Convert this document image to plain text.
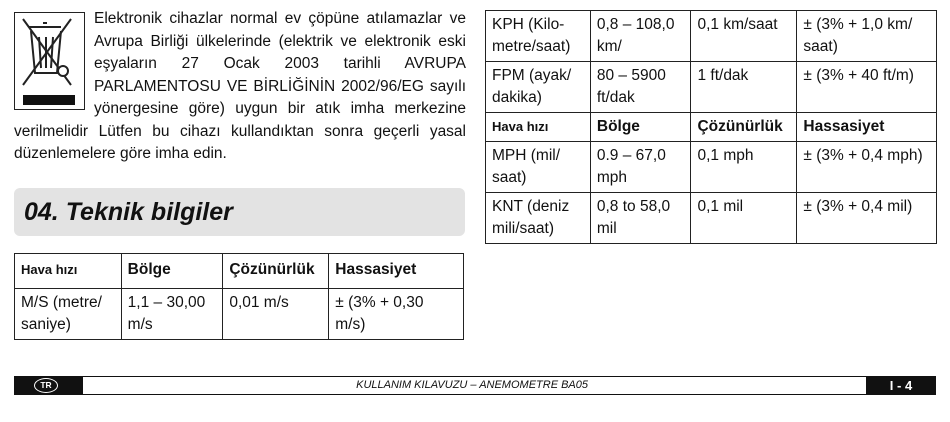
Elektronik cihazlar normal ev çöpüne atılamazlar ve Avrupa Birliği ülkelerinde (elektrik ve elektronik eski eşyaların 27 Ocak 2003 tarihli AVRUPA PARLAMENTOSU VE BİRLİĞİNİN 2002/96/EG sayılı yönergesine göre) uygun bir atık imha merkezine verilmelidir Lütfen bu cihazı kullandıktan sonra geçerli yasal düzenlemelere göre imha edin.

04. Teknik bilgiler
Hava hızı	Bölge	Çözünürlük	Hassasiyet
M/S (metre/ saniye)	1,1 – 30,00 m/s	0,01 m/s	± (3% + 0,30 m/s)
KPH (Kilo- metre/saat)	0,8 – 108,0 km/	0,1 km/saat	± (3% + 1,0 km/ saat)
FPM (ayak/ dakika)	80 – 5900 ft/dak	1 ft/dak	± (3% + 40 ft/m)
Hava hızı	Bölge	Çözünürlük	Hassasiyet
MPH (mil/ saat)	0.9 – 67,0 mph	0,1 mph	± (3% + 0,4 mph)
KNT (deniz mili/saat)	0,8 to 58,0 mil	0,1 mil	± (3% + 0,4 mil)
TR	KULLANIM KILAVUZU – ANEMOMETRE BA05	I - 4
